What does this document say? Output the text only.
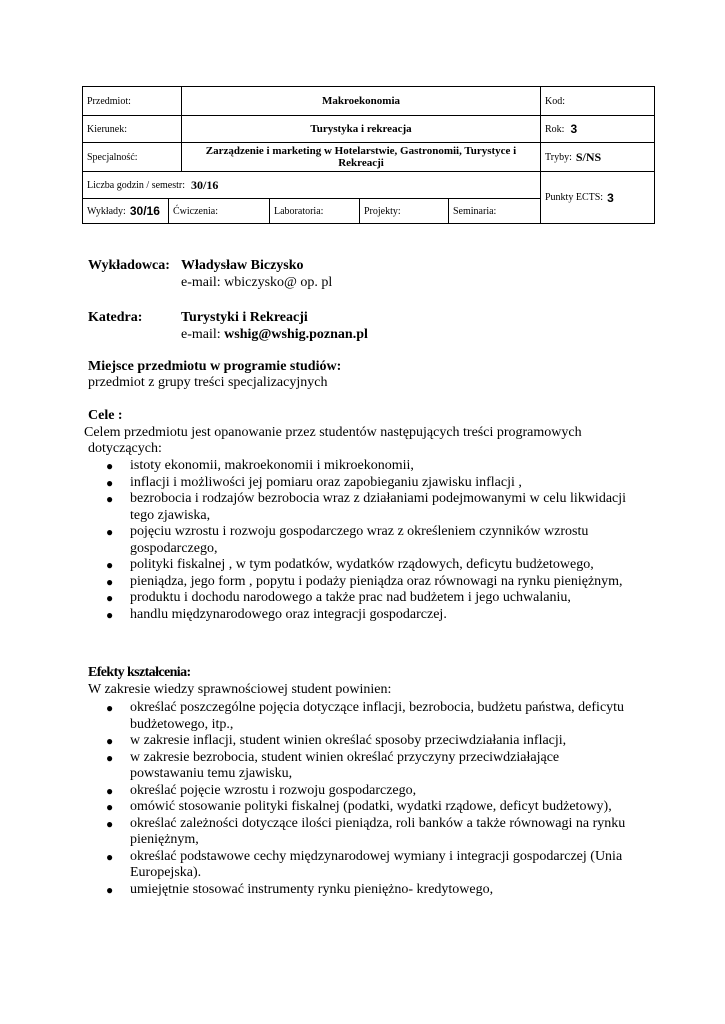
Przedmiot:	Makroekonomia	Kod:
Kierunek:	Turystyka i rekreacja	Rok: 3
Specjalność:	Zarządzenie i marketing w Hotelarstwie, Gastronomii, Turystyce i Rekreacji	Tryby: S/NS
Liczba godzin / semestr: 30/16
Wykłady: 30/16	Ćwiczenia:	Laboratoria:	Projekty:	Seminaria:
Punkty ECTS: 3
Wykładowca: Władysław Biczysko
e-mail: wbiczysko@ op. pl
Katedra:	Turystyki i Rekreacji
e-mail: wshig@wshig.poznan.pl
Miejsce przedmiotu w programie studiów:
przedmiot z grupy treści specjalizacyjnych
Cele :
Celem przedmiotu jest opanowanie przez studentów następujących treści programowych
dotyczących:
● istoty ekonomii, makroekonomii i mikroekonomii,
● inflacji i możliwości jej pomiaru oraz zapobieganiu zjawisku inflacji ,
● bezrobocia i rodzajów bezrobocia wraz z działaniami podejmowanymi w celu likwidacji tego zjawiska,
● pojęciu wzrostu i rozwoju gospodarczego wraz z określeniem czynników wzrostu gospodarczego,
● polityki fiskalnej , w tym podatków, wydatków rządowych, deficytu budżetowego,
● pieniądza, jego form , popytu i podaży pieniądza oraz równowagi na rynku pieniężnym,
● produktu i dochodu narodowego a także prac nad budżetem i jego uchwalaniu,
● handlu międzynarodowego oraz integracji gospodarczej.
Efekty kształcenia:
W zakresie wiedzy sprawnościowej student powinien:
● określać poszczególne pojęcia dotyczące inflacji, bezrobocia, budżetu państwa, deficytu budżetowego, itp.,
● w zakresie inflacji, student winien określać sposoby przeciwdziałania inflacji,
● w zakresie bezrobocia, student winien określać przyczyny przeciwdziałające powstawaniu temu zjawisku,
● określać pojęcie wzrostu i rozwoju gospodarczego,
● omówić stosowanie polityki fiskalnej (podatki, wydatki rządowe, deficyt budżetowy),
● określać zależności dotyczące ilości pieniądza, roli banków a także równowagi na rynku pieniężnym,
● określać podstawowe cechy międzynarodowej wymiany i integracji gospodarczej (Unia Europejska).
● umiejętnie stosować instrumenty rynku pieniężno- kredytowego,
